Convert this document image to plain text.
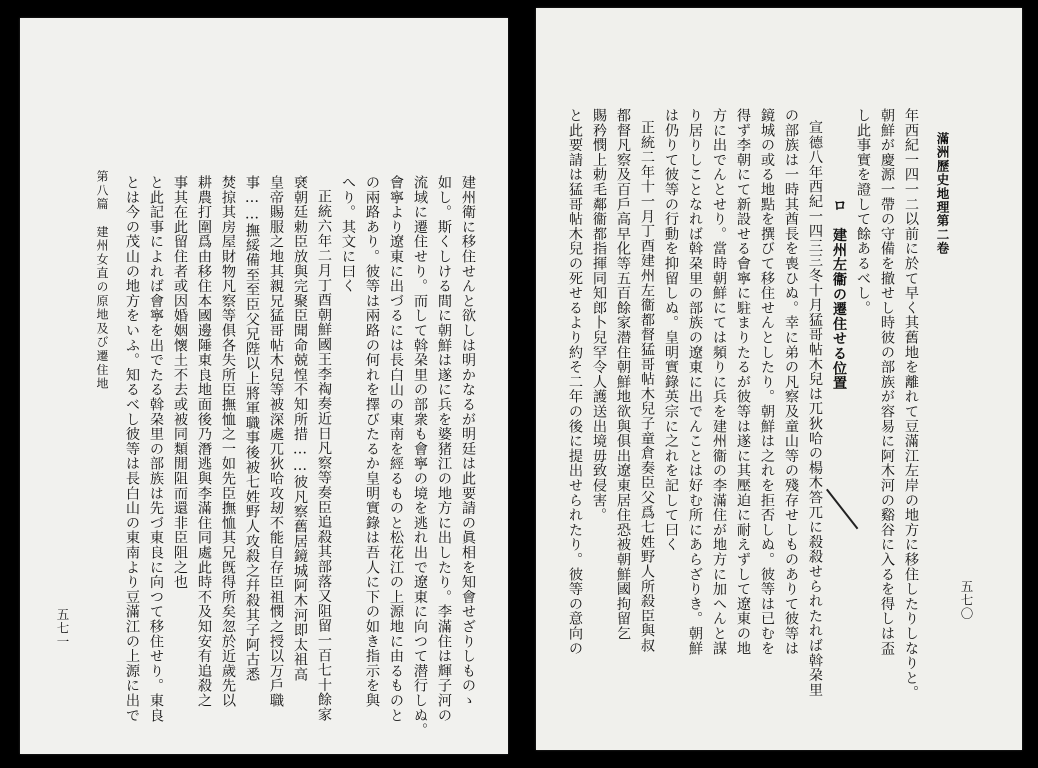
五七一
第八篇　建州女直の原地及び遷住地	建州衛に移住せんと欲しは明かなるが明廷は此要請の眞相を知會せざりしものゝ
如し。斯くしける間に朝鮮は遂に兵を婆猪江の地方に出したり。李滿住は輝子河の
流域に遷住せり。而して斡朶里の部衆も會寧の境を逃れ出で遼東に向つて潜行しぬ。
會寧より遼東に出づるには長白山の東南を經るものと松花江の上源地に由るものと
の兩路あり。彼等は兩路の何れを擇びたるか皇明實錄は吾人に下の如き指示を與
へり。其文に曰く
正統六年二月丁酉朝鮮國王李祹奏近日凡察等奏臣追殺其部落又阻留一百七十餘家
褎朝廷勅臣放與完聚臣聞命兢惶不知所措……彼凡察舊居鏡城阿木河即太祖高
皇帝賜服之地其親兄猛哥帖木兒等被深處兀狄哈攻刼不能自存臣祖憫之授以万戶職
事……撫綏備至至臣父兄陛以上將軍職事後被七姓野人攻殺之幷殺其子阿古悉
焚掠其房屋財物凡察等俱各失所臣撫恤之一如先臣撫恤其兄旣得所矣忽於近歲先以
耕農打圍爲由移住本國邊陲東良地面後乃潛逃與李滿住同處此時不及知安有追殺之
事其在此留住者或因婚姻懷土不去或被同類閒阻而還非臣阻之也
と此記事によれば會寧を出でたる斡朶里の部族は先づ東良に向つて移住せり。東良
とは今の茂山の地方をいふ。知るべし彼等は長白山の東南より豆滿江の上源に出で	五七〇
滿洲歷史地理第二卷
年西紀一四一二以前に於て早く其舊地を離れて豆滿江左岸の地方に移住したりしなりと。
朝鮮が慶源一帶の守備を撤せし時彼の部族が容易に阿木河の谿谷に入るを得しは盃
し此事實を證して餘あるべし。
ロ　建州左衞の遷住せる位置
宣德八年西紀一四三三冬十月猛哥帖木兒は兀狄哈の楊木答兀に殺殺せられたれば斡朶里
の部族は一時其酋長を喪ひぬ。幸に弟の凡察及童山等の殘存せしものありて彼等は
鏡城の或る地點を撰びて移住せんとしたり。朝鮮は之れを拒否しぬ。彼等は已むを
得ず李朝にて新設せる會寧に駐まりたるが彼等は遂に其壓迫に耐えずして遼東の地
方に出でんとせり。當時朝鮮にては頻りに兵を建州衞の李滿住が地方に加へんと謀
り居りしことなれば斡朶里の部族の遼東に出でんことは好む所にあらざりき。朝鮮
は仍りて彼等の行動を抑留しぬ。皇明實錄英宗に之れを記して曰く
正統二年十一月丁酉建州左衞都督猛哥帖木兒子童倉奏臣父爲七姓野人所殺臣與叔
都督凡察及百戶高早化等五百餘家潜住朝鮮地欲與俱出遼東居住恐被朝鮮國拘留乞
賜矜憫上勅毛鄰衞都指揮同知郎卜兒罕令人護送出境毋致侵害。
と此要請は猛哥帖木兒の死せるより約そ二年の後に提出せられたり。彼等の意向の
